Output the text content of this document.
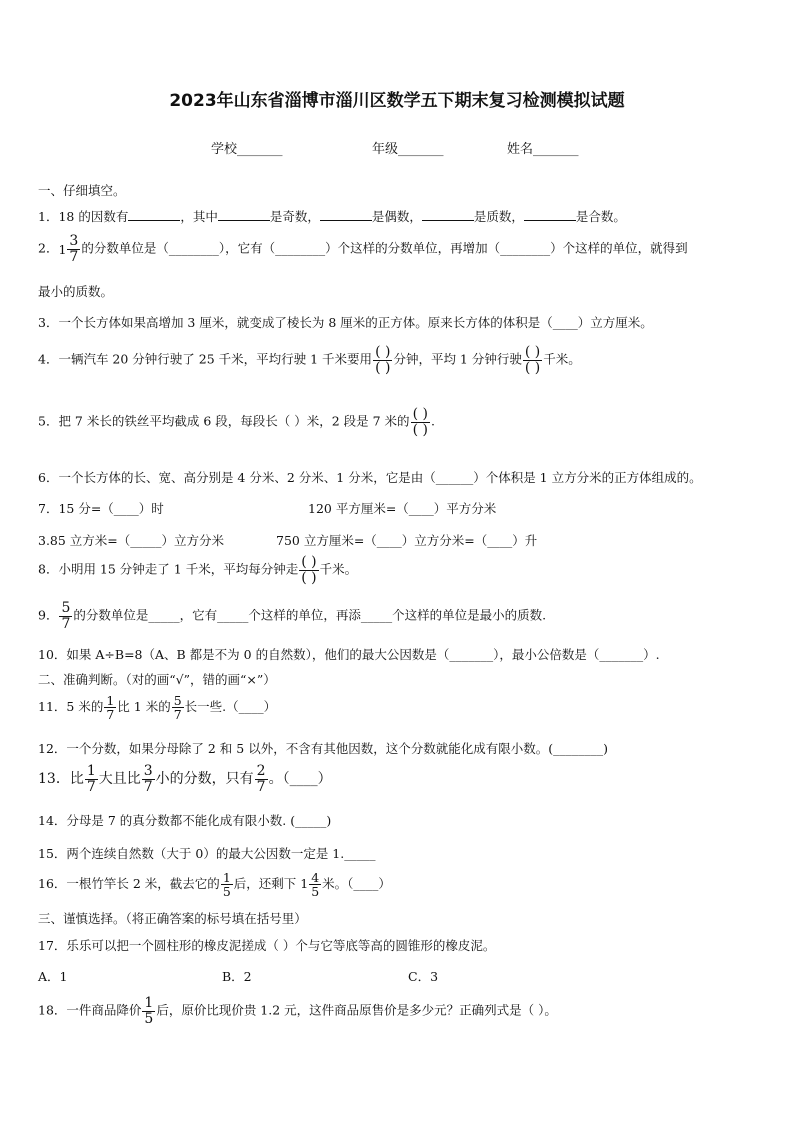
2023年山东省淄博市淄川区数学五下期末复习检测模拟试题
学校_______	年级_______	姓名_______
一、仔细填空。
1．18 的因数有	，其中	是奇数，	是偶数，	是质数，	是合数。
2．$1 \frac{3}{7}$ 的分数单位是（________），它有（________）个这样的分数单位，再增加（________）个这样的单位，就得到
最小的质数。
3．一个长方体如果高增加 3 厘米，就变成了棱长为 8 厘米的正方体。原来长方体的体积是（____）立方厘米。
4．一辆汽车 20 分钟行驶了 25 千米，平均行驶 1 千米要用 $\frac{( )}{( )}$ 分钟，平均 1 分钟行驶 $\frac{( )}{( )}$ 千米。
5．把 7 米长的铁丝平均截成 6 段，每段长（ ）米，2 段是 7 米的 $\frac{( )}{( )}$ .
6．一个长方体的长、宽、高分别是 4 分米、2 分米、1 分米，它是由（______）个体积是 1 立方分米的正方体组成的。
7．15 分=（____）时	120 平方厘米=（____）平方分米
3.85 立方米=（_____）立方分米	750 立方厘米=（____）立方分米=（____）升
8．小明用 15 分钟走了 1 千米，平均每分钟走 $\frac{( )}{( )}$ 千米。
9． $\frac{5}{7}$ 的分数单位是_____，它有_____个这样的单位，再添_____个这样的单位是最小的质数.
10．如果 A÷B=8（A、B 都是不为 0 的自然数），他们的最大公因数是（_______），最小公倍数是（_______）.
二、准确判断。（对的画“√”，错的画“×”）
11．5 米的 $\frac{1}{7}$ 比 1 米的 $\frac{5}{7}$ 长一些.（____）
12．一个分数，如果分母除了 2 和 5 以外，不含有其他因数，这个分数就能化成有限小数。(________)
13．比 $\frac{1}{7}$ 大且比 $\frac{3}{7}$ 小的分数，只有 $\frac{2}{7}$ 。（____）
14．分母是 7 的真分数都不能化成有限小数. (_____)
15．两个连续自然数（大于 0）的最大公因数一定是 1._____
16．一根竹竿长 2 米，截去它的 $\frac{1}{5}$ 后，还剩下 $1 \frac{4}{5}$ 米。（____）
三、谨慎选择。（将正确答案的标号填在括号里）
17．乐乐可以把一个圆柱形的橡皮泥搓成（ ）个与它等底等高的圆锥形的橡皮泥。
A．1	B．2	C．3
18．一件商品降价 $\frac{1}{5}$ 后，原价比现价贵 1.2 元，这件商品原售价是多少元？正确列式是（ ）。
